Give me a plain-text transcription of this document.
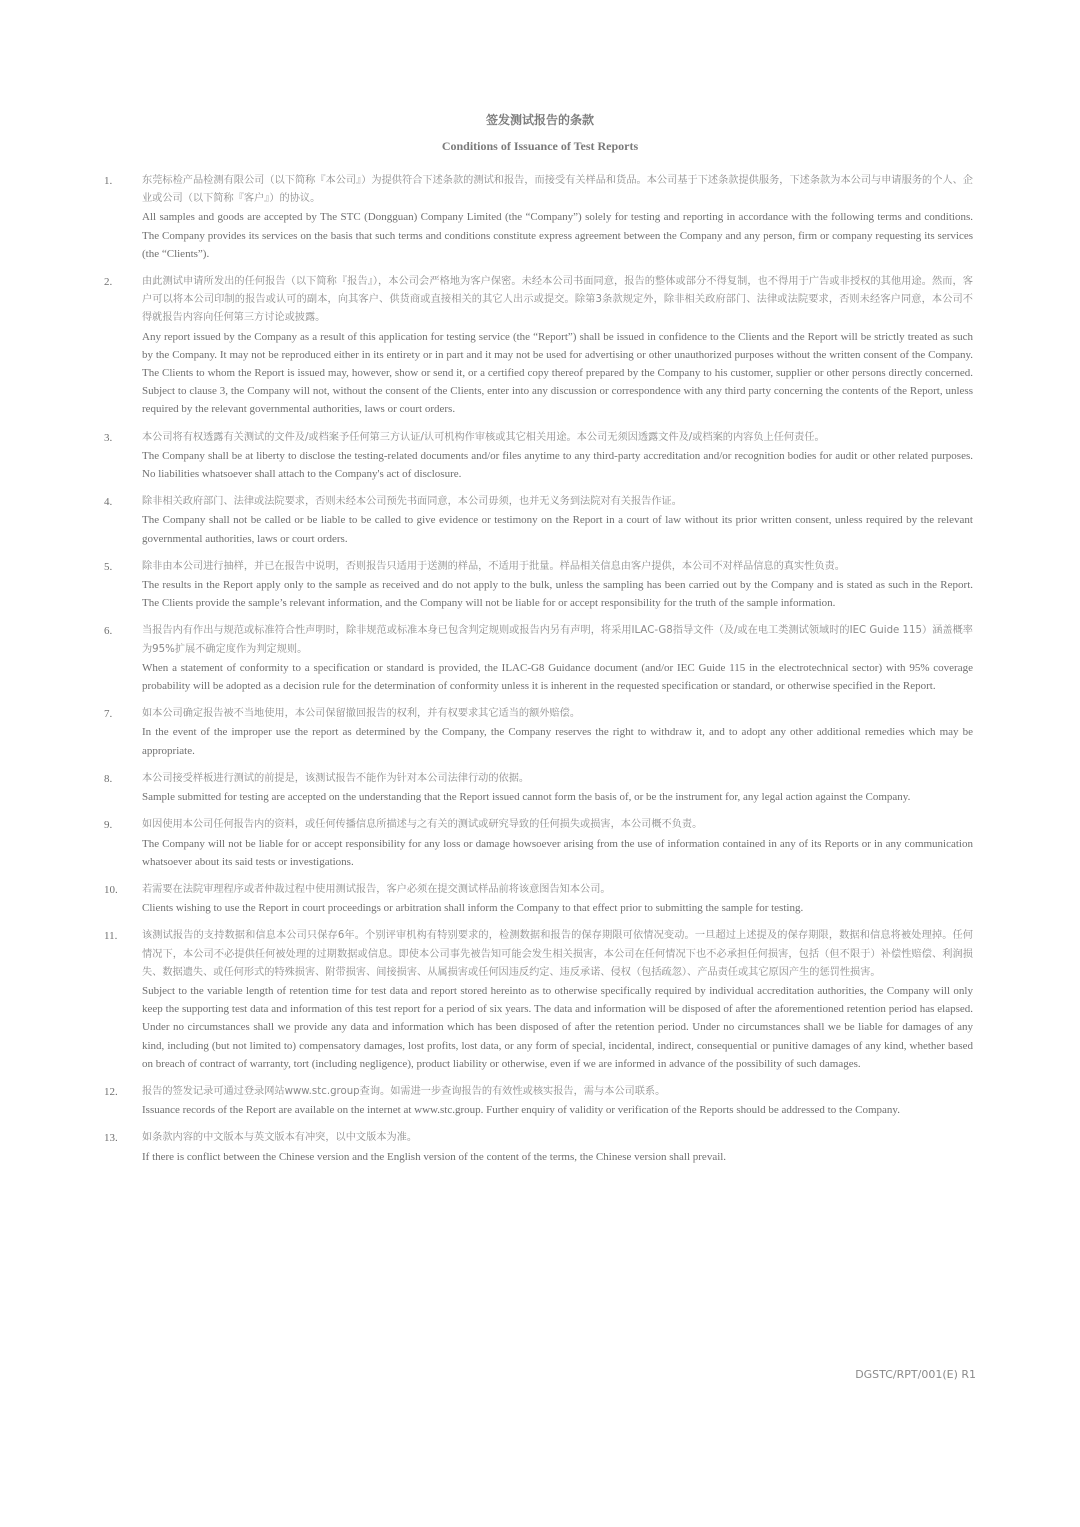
签发测试报告的条款
Conditions of Issuance of Test Reports
1.	东莞标检产品检测有限公司（以下简称『本公司』）为提供符合下述条款的测试和报告，而接受有关样品和货品。本公司基于下述条款提供服务，下述条款为本公司与申请服务的个人、企业或公司（以下简称『客户』）的协议。
All samples and goods are accepted by The STC (Dongguan) Company Limited (the “Company”) solely for testing and reporting in accordance with the following terms and conditions. The Company provides its services on the basis that such terms and conditions constitute express agreement between the Company and any person, firm or company requesting its services (the “Clients”).
2.	由此测试申请所发出的任何报告（以下简称『报告』），本公司会严格地为客户保密。未经本公司书面同意，报告的整体或部分不得复制，也不得用于广告或非授权的其他用途。然而，客户可以将本公司印制的报告或认可的副本，向其客户、供货商或直接相关的其它人出示或提交。除第3条款规定外，除非相关政府部门、法律或法院要求，否则未经客户同意，本公司不得就报告内容向任何第三方讨论或披露。
Any report issued by the Company as a result of this application for testing service (the “Report”) shall be issued in confidence to the Clients and the Report will be strictly treated as such by the Company. It may not be reproduced either in its entirety or in part and it may not be used for advertising or other unauthorized purposes without the written consent of the Company. The Clients to whom the Report is issued may, however, show or send it, or a certified copy thereof prepared by the Company to his customer, supplier or other persons directly concerned. Subject to clause 3, the Company will not, without the consent of the Clients, enter into any discussion or correspondence with any third party concerning the contents of the Report, unless required by the relevant governmental authorities, laws or court orders.
3.	本公司将有权透露有关测试的文件及/或档案予任何第三方认证/认可机构作审核或其它相关用途。本公司无须因透露文件及/或档案的内容负上任何责任。
The Company shall be at liberty to disclose the testing-related documents and/or files anytime to any third-party accreditation and/or recognition bodies for audit or other related purposes. No liabilities whatsoever shall attach to the Company's act of disclosure.
4.	除非相关政府部门、法律或法院要求，否则未经本公司预先书面同意，本公司毋须，也并无义务到法院对有关报告作证。
The Company shall not be called or be liable to be called to give evidence or testimony on the Report in a court of law without its prior written consent, unless required by the relevant governmental authorities, laws or court orders.
5.	除非由本公司进行抽样，并已在报告中说明，否则报告只适用于送测的样品，不适用于批量。样品相关信息由客户提供，本公司不对样品信息的真实性负责。
The results in the Report apply only to the sample as received and do not apply to the bulk, unless the sampling has been carried out by the Company and is stated as such in the Report. The Clients provide the sample’s relevant information, and the Company will not be liable for or accept responsibility for the truth of the sample information.
6.	当报告内有作出与规范或标准符合性声明时，除非规范或标准本身已包含判定规则或报告内另有声明，将采用ILAC-G8指导文件（及/或在电工类测试领域时的IEC Guide 115）涵盖概率为95%扩展不确定度作为判定规则。
When a statement of conformity to a specification or standard is provided, the ILAC-G8 Guidance document (and/or IEC Guide 115 in the electrotechnical sector) with 95% coverage probability will be adopted as a decision rule for the determination of conformity unless it is inherent in the requested specification or standard, or otherwise specified in the Report.
7.	如本公司确定报告被不当地使用，本公司保留撤回报告的权利，并有权要求其它适当的额外赔偿。
In the event of the improper use the report as determined by the Company, the Company reserves the right to withdraw it, and to adopt any other additional remedies which may be appropriate.
8.	本公司接受样板进行测试的前提是，该测试报告不能作为针对本公司法律行动的依据。
Sample submitted for testing are accepted on the understanding that the Report issued cannot form the basis of, or be the instrument for, any legal action against the Company.
9.	如因使用本公司任何报告内的资料，或任何传播信息所描述与之有关的测试或研究导致的任何损失或损害，本公司概不负责。
The Company will not be liable for or accept responsibility for any loss or damage howsoever arising from the use of information contained in any of its Reports or in any communication whatsoever about its said tests or investigations.
10. 若需要在法院审理程序或者仲裁过程中使用测试报告，客户必须在提交测试样品前将该意图告知本公司。
Clients wishing to use the Report in court proceedings or arbitration shall inform the Company to that effect prior to submitting the sample for testing.
11. 该测试报告的支持数据和信息本公司只保存6年。个别评审机构有特别要求的，检测数据和报告的保存期限可依情况变动。一旦超过上述提及的保存期限，数据和信息将被处理掉。任何情况下，本公司不必提供任何被处理的过期数据或信息。即使本公司事先被告知可能会发生相关损害，本公司在任何情况下也不必承担任何损害，包括（但不限于）补偿性赔偿、利润损失、数据遗失、或任何形式的特殊损害、附带损害、间接损害、从属损害或任何因违反约定、违反承诺、侵权（包括疏忽）、产品责任或其它原因产生的惩罚性损害。
Subject to the variable length of retention time for test data and report stored hereinto as to otherwise specifically required by individual accreditation authorities, the Company will only keep the supporting test data and information of this test report for a period of six years. The data and information will be disposed of after the aforementioned retention period has elapsed. Under no circumstances shall we provide any data and information which has been disposed of after the retention period. Under no circumstances shall we be liable for damages of any kind, including (but not limited to) compensatory damages, lost profits, lost data, or any form of special, incidental, indirect, consequential or punitive damages of any kind, whether based on breach of contract of warranty, tort (including negligence), product liability or otherwise, even if we are informed in advance of the possibility of such damages.
12. 报告的签发记录可通过登录网站www.stc.group查询。如需进一步查询报告的有效性或核实报告，需与本公司联系。
Issuance records of the Report are available on the internet at www.stc.group. Further enquiry of validity or verification of the Reports should be addressed to the Company.
13. 如条款内容的中文版本与英文版本有冲突，以中文版本为准。
If there is conflict between the Chinese version and the English version of the content of the terms, the Chinese version shall prevail.
DGSTC/RPT/001(E) R1
